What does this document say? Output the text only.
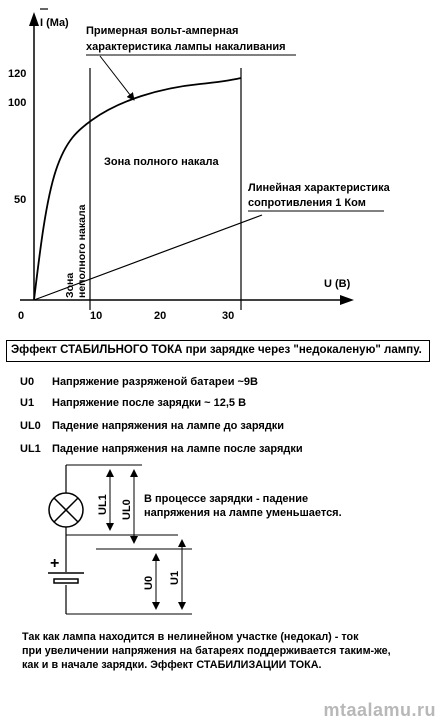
I (Ma)
U (B)
120
100
50
0	10	20	30
Примерная вольт-амперная
характеристика лампы накаливания
Зона полного накала
Зона неполного накала
Линейная характеристика
сопротивления 1 Ком
+
UL1 UL0
U0 U1
Эффект СТАБИЛЬНОГО ТОКА при зарядке через "недокаленую" лампу.
U0 Напряжение разряженой батареи ~9В
U1 Напряжение после зарядки ~ 12,5 В
UL0 Падение напряжения на лампе до зарядки
UL1 Падение напряжения на лампе после зарядки
В процессе зарядки - падение
напряжения на лампе уменьшается.
Так как лампа находится в нелинейном участке (недокал) - ток
при увеличении напряжения на батареях поддерживается таким-же,
как и в начале зарядки. Эффект СТАБИЛИЗАЦИИ ТОКА.
mtaalamu.ru
